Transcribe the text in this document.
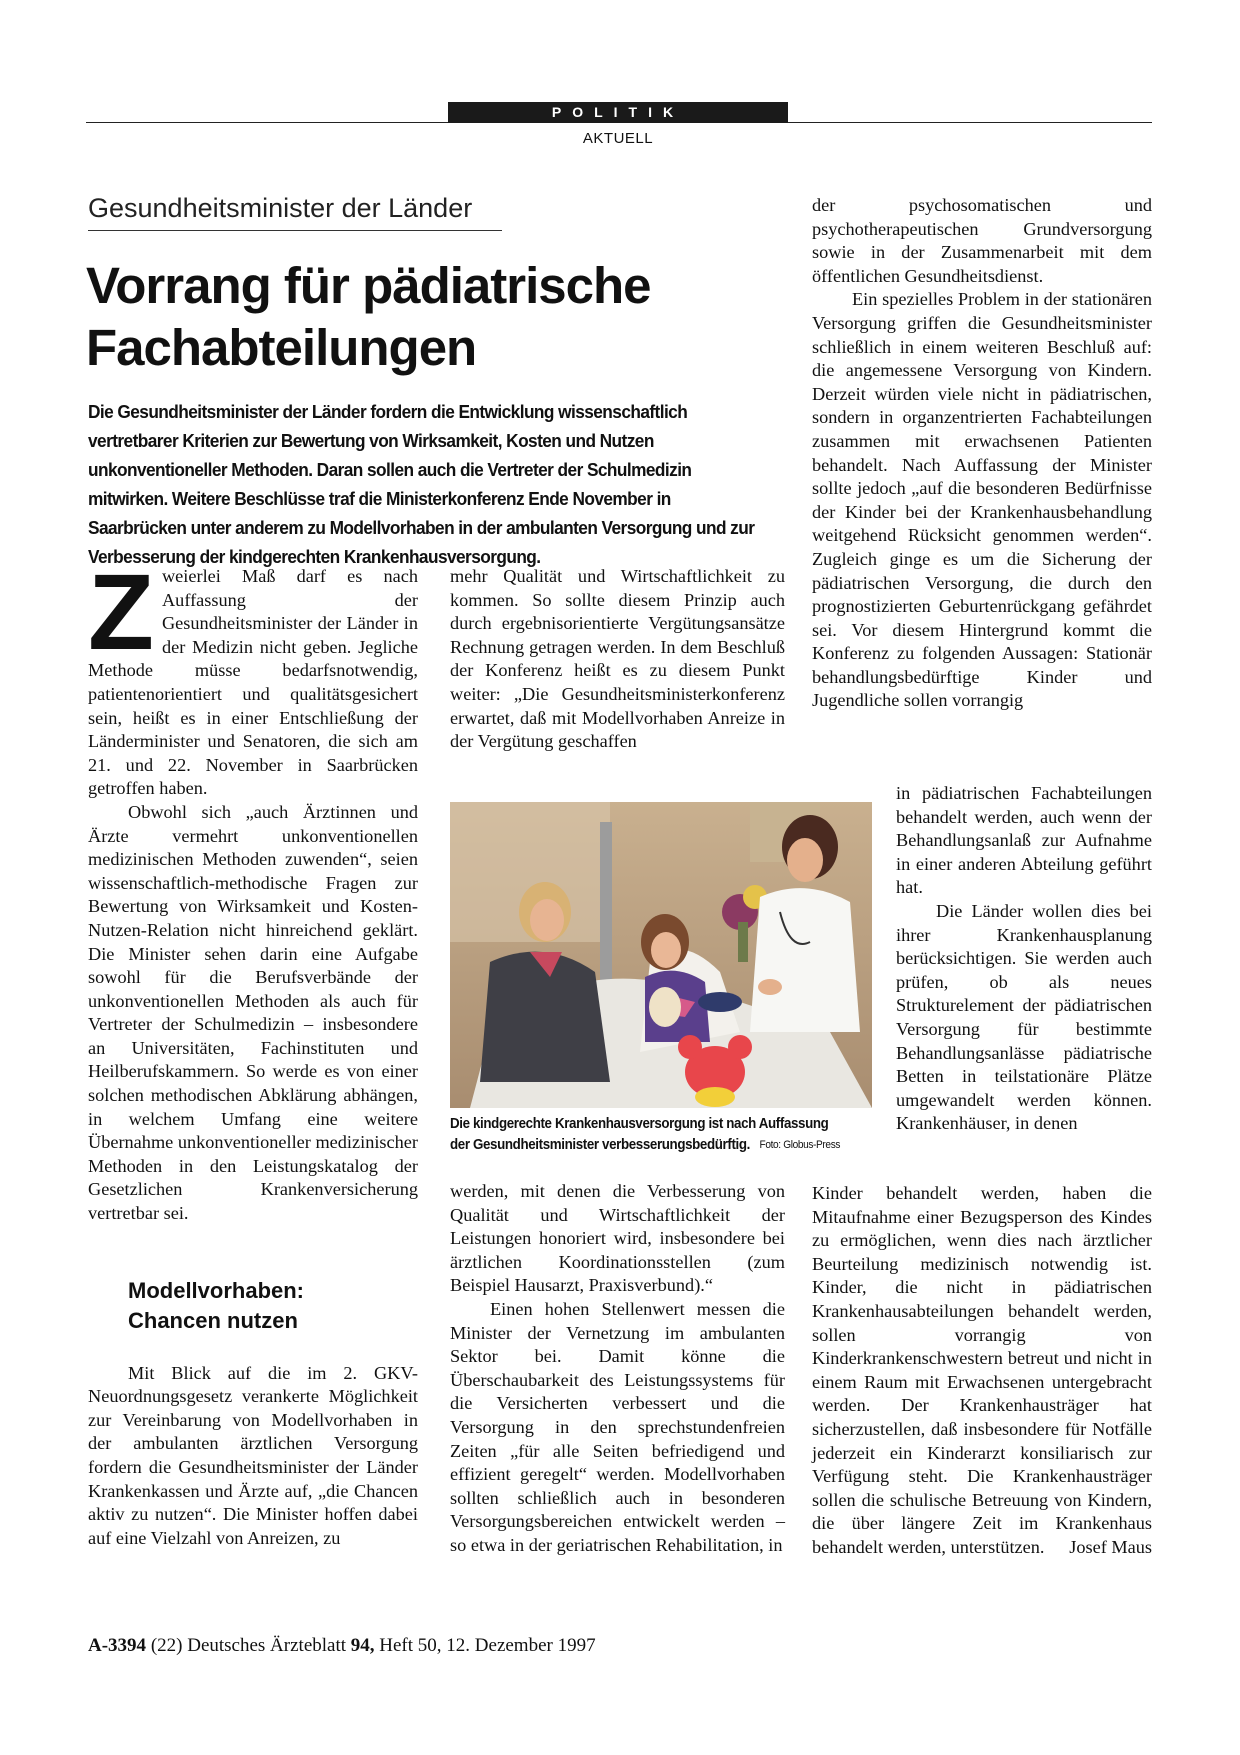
POLITIK
AKTUELL
Gesundheitsminister der Länder
Vorrang für pädiatrische
Fachabteilungen

Die Gesundheitsminister der Länder fordern die Entwicklung wissenschaftlich vertretbarer Kriterien zur Bewertung von Wirksamkeit, Kosten und Nutzen unkonventioneller Methoden. Daran sollen auch die Vertreter der Schulmedizin mitwirken. Weitere Beschlüsse traf die Ministerkonferenz Ende November in Saarbrücken unter anderem zu Modellvorhaben in der ambulanten Versorgung und zur Verbesserung der kindgerechten Krankenhausversorgung.

Zweierlei Maß darf es nach Auffassung der Gesundheitsminister der Länder in der Medizin nicht geben. Jegliche Methode müsse bedarfsnotwendig, patientenorientiert und qualitätsgesichert sein, heißt es in einer Entschließung der Länderminister und Senatoren, die sich am 21. und 22. November in Saarbrücken getroffen haben.

Obwohl sich „auch Ärztinnen und Ärzte vermehrt unkonventionellen medizinischen Methoden zuwenden“, seien wissenschaftlich-methodische Fragen zur Bewertung von Wirksamkeit und Kosten-Nutzen-Relation nicht hinreichend geklärt. Die Minister sehen darin eine Aufgabe sowohl für die Berufsverbände der unkonventionellen Methoden als auch für Vertreter der Schulmedizin – insbesondere an Universitäten, Fachinstituten und Heilberufskammern. So werde es von einer solchen methodischen Abklärung abhängen, in welchem Umfang eine weitere Übernahme unkonventioneller medizinischer Methoden in den Leistungskatalog der Gesetzlichen Krankenversicherung vertretbar sei.

Modellvorhaben:
Chancen nutzen

Mit Blick auf die im 2. GKV-Neuordnungsgesetz verankerte Möglichkeit zur Vereinbarung von Modellvorhaben in der ambulanten ärztlichen Versorgung fordern die Gesundheitsminister der Länder Krankenkassen und Ärzte auf, „die Chancen aktiv zu nutzen“. Die Minister hoffen dabei auf eine Vielzahl von Anreizen, zu

mehr Qualität und Wirtschaftlichkeit zu kommen. So sollte diesem Prinzip auch durch ergebnisorientierte Vergütungsansätze Rechnung getragen werden. In dem Beschluß der Konferenz heißt es zu diesem Punkt weiter: „Die Gesundheitsministerkonferenz erwartet, daß mit Modellvorhaben Anreize in der Vergütung geschaffen

Die kindgerechte Krankenhausversorgung ist nach Auffassung der Gesundheitsminister verbesserungsbedürftig. Foto: Globus-Press

werden, mit denen die Verbesserung von Qualität und Wirtschaftlichkeit der Leistungen honoriert wird, insbesondere bei ärztlichen Koordinationsstellen (zum Beispiel Hausarzt, Praxisverbund).“

Einen hohen Stellenwert messen die Minister der Vernetzung im ambulanten Sektor bei. Damit könne die Überschaubarkeit des Leistungssystems für die Versicherten verbessert und die Versorgung in den sprechstundenfreien Zeiten „für alle Seiten befriedigend und effizient geregelt“ werden. Modellvorhaben sollten schließlich auch in besonderen Versorgungsbereichen entwickelt werden – so etwa in der geriatrischen Rehabilitation, in

der psychosomatischen und psychotherapeutischen Grundversorgung sowie in der Zusammenarbeit mit dem öffentlichen Gesundheitsdienst.

Ein spezielles Problem in der stationären Versorgung griffen die Gesundheitsminister schließlich in einem weiteren Beschluß auf: die angemessene Versorgung von Kindern. Derzeit würden viele nicht in pädiatrischen, sondern in organzentrierten Fachabteilungen zusammen mit erwachsenen Patienten behandelt. Nach Auffassung der Minister sollte jedoch „auf die besonderen Bedürfnisse der Kinder bei der Krankenhausbehandlung weitgehend Rücksicht genommen werden“. Zugleich ginge es um die Sicherung der pädiatrischen Versorgung, die durch den prognostizierten Geburtenrückgang gefährdet sei. Vor diesem Hintergrund kommt die Konferenz zu folgenden Aussagen: Stationär behandlungsbedürftige Kinder und Jugendliche sollen vorrangig

in pädiatrischen Fachabteilungen behandelt werden, auch wenn der Behandlungsanlaß zur Aufnahme in einer anderen Abteilung geführt hat.

Die Länder wollen dies bei ihrer Krankenhausplanung berücksichtigen. Sie werden auch prüfen, ob als neues Strukturelement der pädiatrischen Versorgung für bestimmte Behandlungsanlässe pädiatrische Betten in teilstationäre Plätze umgewandelt werden können. Krankenhäuser, in denen

Kinder behandelt werden, haben die Mitaufnahme einer Bezugsperson des Kindes zu ermöglichen, wenn dies nach ärztlicher Beurteilung medizinisch notwendig ist. Kinder, die nicht in pädiatrischen Krankenhausabteilungen behandelt werden, sollen vorrangig von Kinderkrankenschwestern betreut und nicht in einem Raum mit Erwachsenen untergebracht werden. Der Krankenhausträger hat sicherzustellen, daß insbesondere für Notfälle jederzeit ein Kinderarzt konsiliarisch zur Verfügung steht. Die Krankenhausträger sollen die schulische Betreuung von Kindern, die über längere Zeit im Krankenhaus behandelt werden, unterstützen. Josef Maus

A-3394 (22) Deutsches Ärzteblatt 94, Heft 50, 12. Dezember 1997
